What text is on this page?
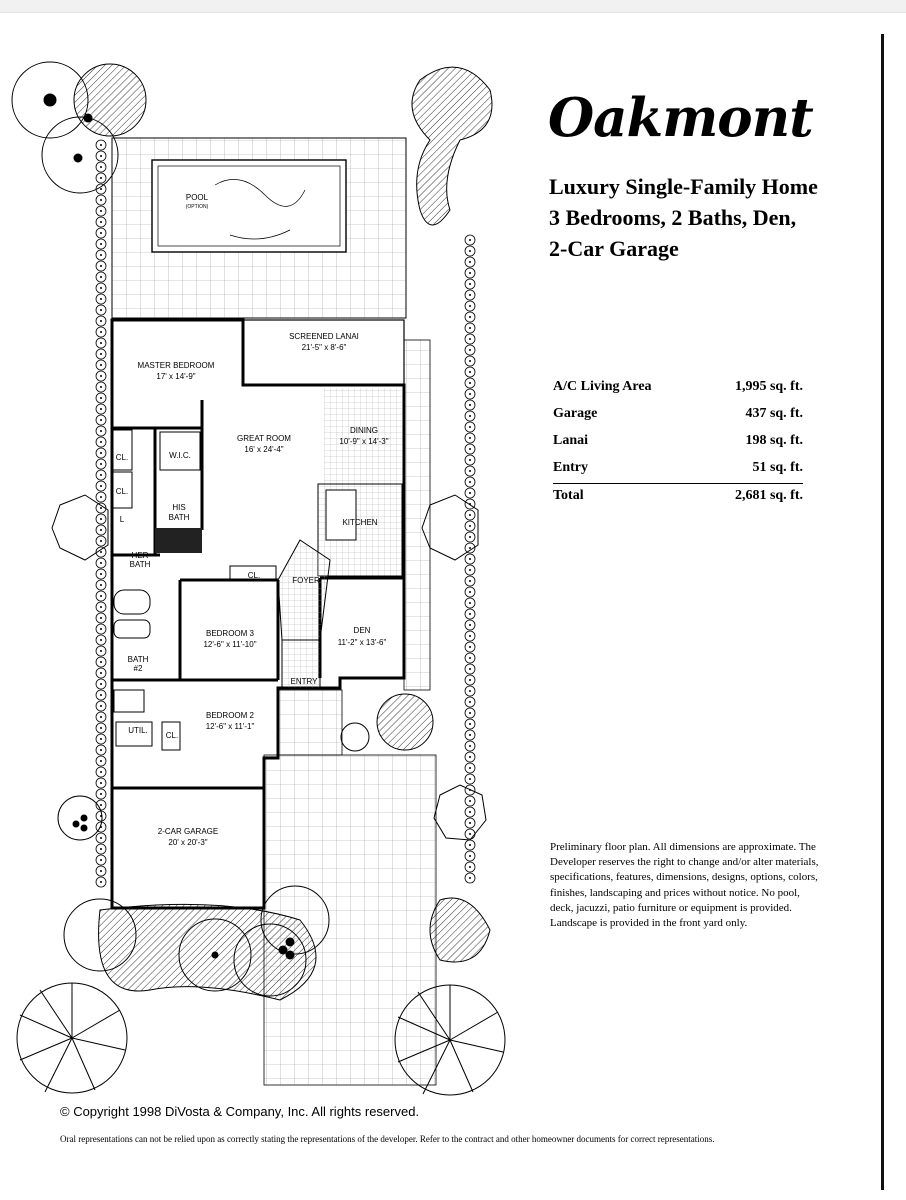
POOL
(OPTION)
SCREENED LANAI
21'-5" x 8'-6"
MASTER BEDROOM
17' x 14'-9"
GREAT ROOM
16' x 24'-4"
DINING
10'-9" x 14'-3"
W.I.C.
HIS
BATH
HER
BATH
KITCHEN
FOYER
CL.
BEDROOM 3
12'-6" x 11'-10"
DEN
11'-2" x 13'-6"
BATH
#2
ENTRY
BEDROOM 2
12'-6" x 11'-1"
UTIL.
CL.
CL.
L
CL.
2-CAR GARAGE
20' x 20'-3"
Oakmont
Luxury Single-Family Home
3 Bedrooms, 2 Baths, Den,
2-Car Garage
A/C Living Area	1,995 sq. ft.
Garage	437 sq. ft.
Lanai	198 sq. ft.
Entry	51 sq. ft.
Total	2,681 sq. ft.
Preliminary floor plan. All dimensions are approximate. The Developer reserves the right to change and/or alter materials, specifications, features, dimensions, designs, options, colors, finishes, landscaping and prices without notice. No pool, deck, jacuzzi, patio furniture or equipment is provided. Landscape is provided in the front yard only.
© Copyright 1998 DiVosta & Company, Inc. All rights reserved.
Oral representations can not be relied upon as correctly stating the representations of the developer. Refer to the contract and other homeowner documents for correct representations.
